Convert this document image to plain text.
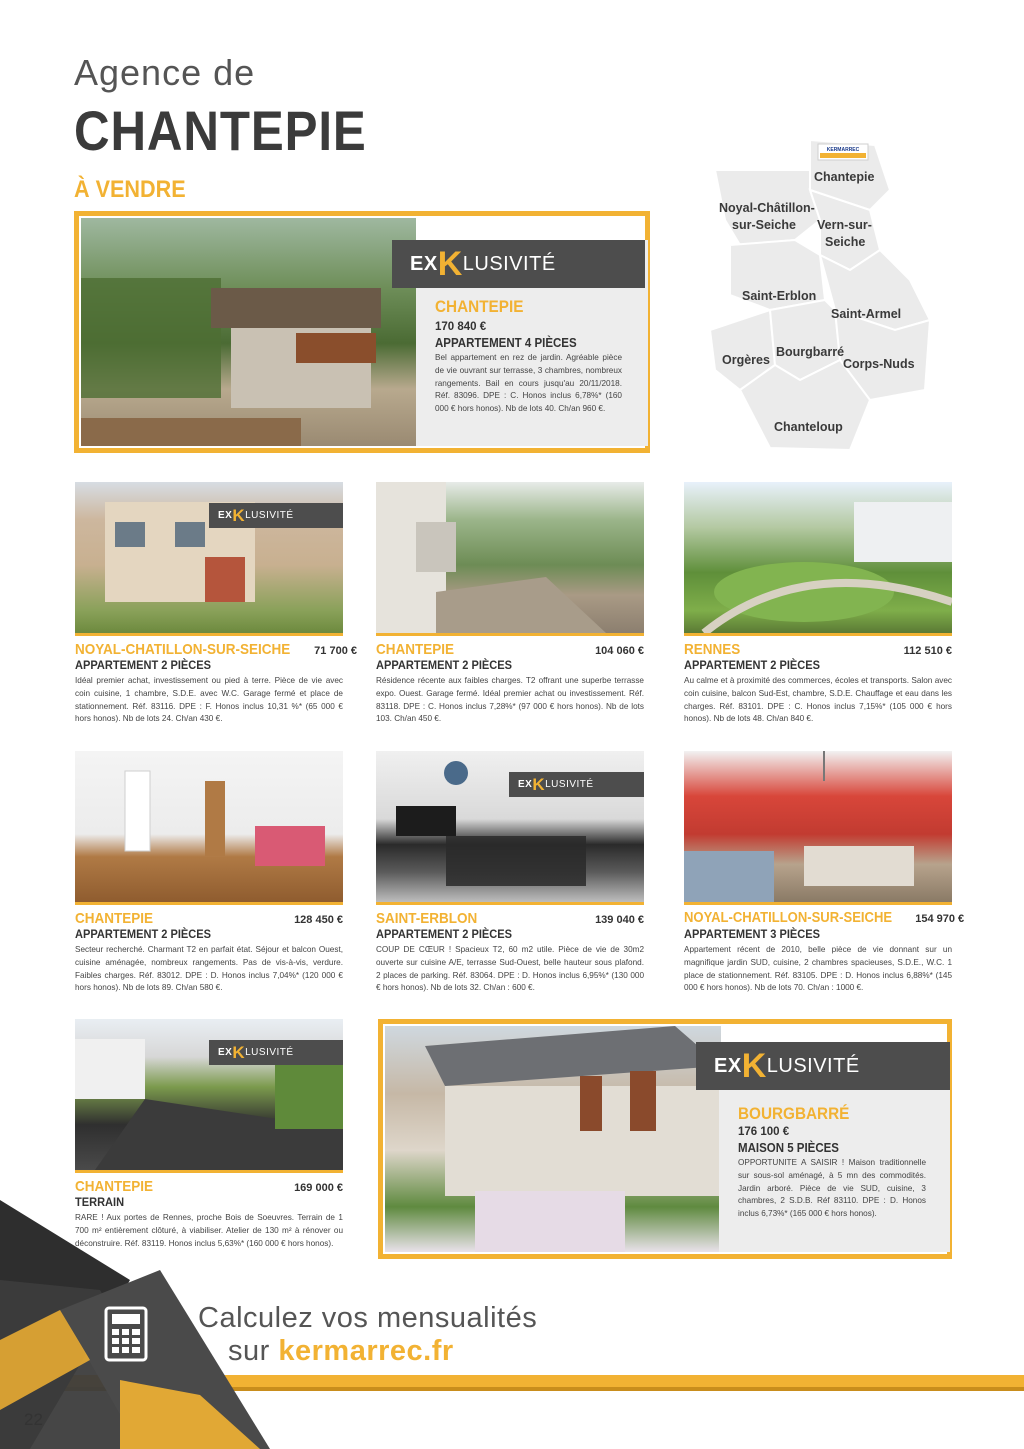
Agence de
CHANTEPIE
À VENDRE
KERMARREC
Chantepie
Noyal-Châtillon-
sur-Seiche Vern-sur-
Seiche
Saint-Erblon
Saint-Armel
Orgères
Bourgbarré
Corps-Nuds
Chanteloup
EX K LUSIVITÉ
CHANTEPIE
170 840 €
APPARTEMENT 4 PIÈCES
Bel appartement en rez de jardin. Agréable pièce de vie ouvrant sur terrasse, 3 chambres, nombreux rangements. Bail en cours jusqu'au 20/11/2018. Réf. 83096. DPE : C. Honos inclus 6,78%* (160 000 € hors honos). Nb de lots 40. Ch/an 960 €.
EX K LUSIVITÉ
NOYAL-CHATILLON-SUR-SEICHE 71 700 €
APPARTEMENT 2 PIÈCES
Idéal premier achat, investissement ou pied à terre. Pièce de vie avec coin cuisine, 1 chambre, S.D.E. avec W.C. Garage fermé et place de stationnement. Réf. 83116. DPE : F. Honos inclus 10,31 %* (65 000 € hors honos). Nb de lots 24. Ch/an 430 €.
CHANTEPIE	104 060 €
APPARTEMENT 2 PIÈCES
Résidence récente aux faibles charges. T2 offrant une superbe terrasse expo. Ouest. Garage fermé. Idéal premier achat ou investissement. Réf. 83118. DPE : C. Honos inclus 7,28%* (97 000 € hors honos). Nb de lots 103. Ch/an 450 €.
RENNES	112 510 €
APPARTEMENT 2 PIÈCES
Au calme et à proximité des commerces, écoles et transports. Salon avec coin cuisine, balcon Sud-Est, chambre, S.D.E. Chauffage et eau dans les charges. Réf. 83101. DPE : C. Honos inclus 7,15%* (105 000 € hors honos). Nb de lots 48. Ch/an 840 €.
CHANTEPIE	128 450 €
APPARTEMENT 2 PIÈCES
Secteur recherché. Charmant T2 en parfait état. Séjour et balcon Ouest, cuisine aménagée, nombreux rangements. Pas de vis-à-vis, verdure. Faibles charges. Réf. 83012. DPE : D. Honos inclus 7,04%* (120 000 € hors honos). Nb de lots 89. Ch/an 580 €.
EX K LUSIVITÉ
SAINT-ERBLON	139 040 €
APPARTEMENT 2 PIÈCES
COUP DE CŒUR ! Spacieux T2, 60 m2 utile. Pièce de vie de 30m2 ouverte sur cuisine A/E, terrasse Sud-Ouest, belle hauteur sous plafond. 2 places de parking. Réf. 83064. DPE : D. Honos inclus 6,95%* (130 000 € hors honos). Nb de lots 32. Ch/an : 600 €.
NOYAL-CHATILLON-SUR-SEICHE 154 970 €
APPARTEMENT 3 PIÈCES
Appartement récent de 2010, belle pièce de vie donnant sur un magnifique jardin SUD, cuisine, 2 chambres spacieuses, S.D.E., W.C. 1 place de stationnement. Réf. 83105. DPE : D. Honos inclus 6,88%* (145 000 € hors honos). Nb de lots 70. Ch/an : 1000 €.
EX K LUSIVITÉ
CHANTEPIE	169 000 €
TERRAIN
RARE ! Aux portes de Rennes, proche Bois de Soeuvres. Terrain de 1 700 m² entièrement clôturé, à viabiliser. Atelier de 130 m² à rénover ou déconstruire. Réf. 83119. Honos inclus 5,63%* (160 000 € hors honos).
EX K LUSIVITÉ
BOURGBARRÉ
176 100 €
MAISON 5 PIÈCES
OPPORTUNITE A SAISIR ! Maison traditionnelle sur sous-sol aménagé, à 5 mn des commodités. Jardin arboré. Pièce de vie SUD, cuisine, 3 chambres, 2 S.D.B. Réf 83110. DPE : D. Honos inclus 6,73%* (165 000 € hors honos).
Calculez vos mensualités
sur kermarrec.fr
22
